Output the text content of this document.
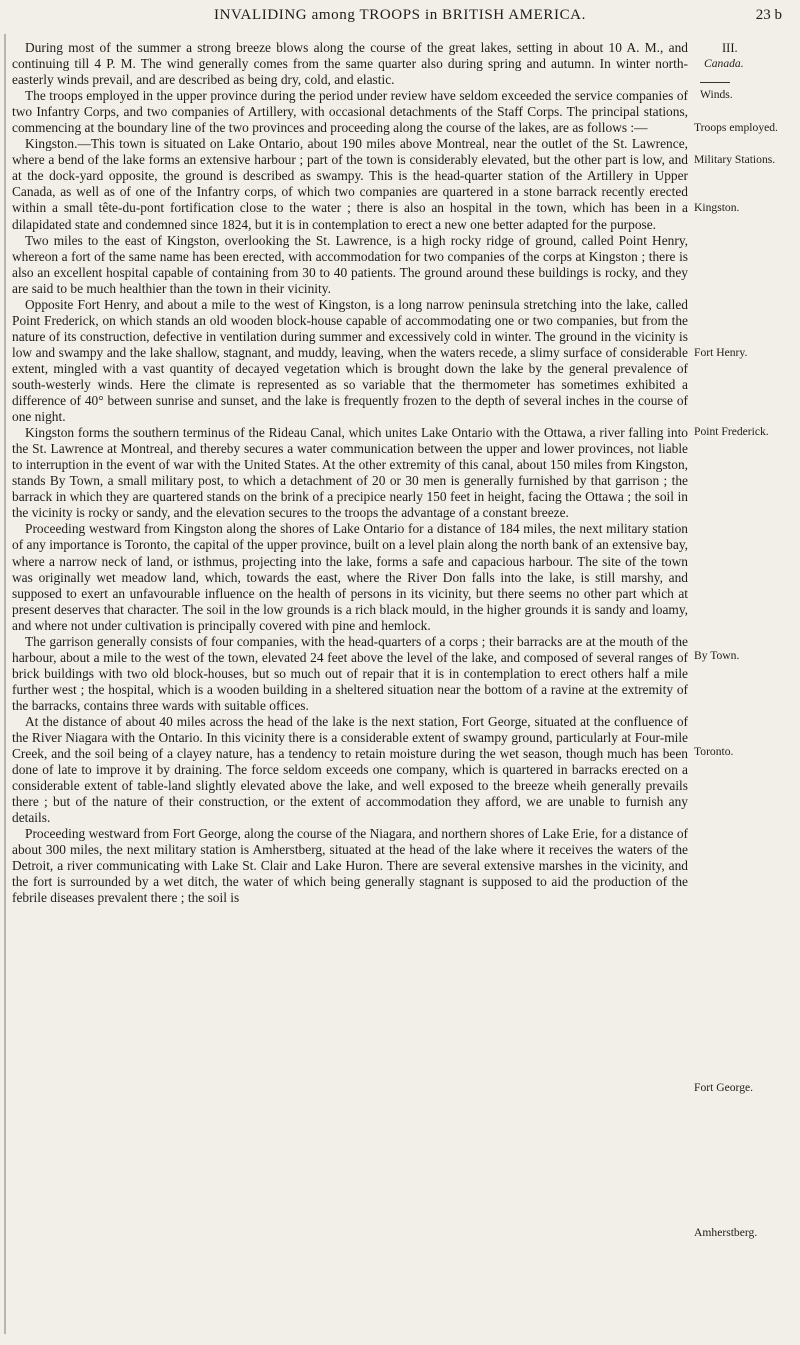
INVALIDING among TROOPS in BRITISH AMERICA.	23 b

During most of the summer a strong breeze blows along the course of the great lakes, setting in about 10 A. M., and continuing till 4 P. M. The wind generally comes from the same quarter also during spring and autumn. In winter north-easterly winds prevail, and are described as being dry, cold, and elastic.

The troops employed in the upper province during the period under review have seldom exceeded the service companies of two Infantry Corps, and two companies of Artillery, with occasional detachments of the Staff Corps. The principal stations, commencing at the boundary line of the two provinces and proceeding along the course of the lakes, are as follows :—

Kingston.—This town is situated on Lake Ontario, about 190 miles above Montreal, near the outlet of the St. Lawrence, where a bend of the lake forms an extensive harbour ; part of the town is considerably elevated, but the other part is low, and at the dock-yard opposite, the ground is described as swampy. This is the head-quarter station of the Artillery in Upper Canada, as well as of one of the Infantry corps, of which two companies are quartered in a stone barrack recently erected within a small tête-du-pont fortification close to the water ; there is also an hospital in the town, which has been in a dilapidated state and condemned since 1824, but it is in contemplation to erect a new one better adapted for the purpose.

Two miles to the east of Kingston, overlooking the St. Lawrence, is a high rocky ridge of ground, called Point Henry, whereon a fort of the same name has been erected, with accommodation for two companies of the corps at Kingston ; there is also an excellent hospital capable of containing from 30 to 40 patients. The ground around these buildings is rocky, and they are said to be much healthier than the town in their vicinity.

Opposite Fort Henry, and about a mile to the west of Kingston, is a long narrow peninsula stretching into the lake, called Point Frederick, on which stands an old wooden block-house capable of accommodating one or two companies, but from the nature of its construction, defective in ventilation during summer and excessively cold in winter. The ground in the vicinity is low and swampy and the lake shallow, stagnant, and muddy, leaving, when the waters recede, a slimy surface of considerable extent, mingled with a vast quantity of decayed vegetation which is brought down the lake by the general prevalence of south-westerly winds. Here the climate is represented as so variable that the thermometer has sometimes exhibited a difference of 40° between sunrise and sunset, and the lake is frequently frozen to the depth of several inches in the course of one night.

Kingston forms the southern terminus of the Rideau Canal, which unites Lake Ontario with the Ottawa, a river falling into the St. Lawrence at Montreal, and thereby secures a water communication between the upper and lower provinces, not liable to interruption in the event of war with the United States. At the other extremity of this canal, about 150 miles from Kingston, stands By Town, a small military post, to which a detachment of 20 or 30 men is generally furnished by that garrison ; the barrack in which they are quartered stands on the brink of a precipice nearly 150 feet in height, facing the Ottawa ; the soil in the vicinity is rocky or sandy, and the elevation secures to the troops the advantage of a constant breeze.

Proceeding westward from Kingston along the shores of Lake Ontario for a distance of 184 miles, the next military station of any importance is Toronto, the capital of the upper province, built on a level plain along the north bank of an extensive bay, where a narrow neck of land, or isthmus, projecting into the lake, forms a safe and capacious harbour. The site of the town was originally wet meadow land, which, towards the east, where the River Don falls into the lake, is still marshy, and supposed to exert an unfavourable influence on the health of persons in its vicinity, but there seems no other part which at present deserves that character. The soil in the low grounds is a rich black mould, in the higher grounds it is sandy and loamy, and where not under cultivation is principally covered with pine and hemlock.

The garrison generally consists of four companies, with the head-quarters of a corps ; their barracks are at the mouth of the harbour, about a mile to the west of the town, elevated 24 feet above the level of the lake, and composed of several ranges of brick buildings with two old block-houses, but so much out of repair that it is in contemplation to erect others half a mile further west ; the hospital, which is a wooden building in a sheltered situation near the bottom of a ravine at the extremity of the barracks, contains three wards with suitable offices.

At the distance of about 40 miles across the head of the lake is the next station, Fort George, situated at the confluence of the River Niagara with the Ontario. In this vicinity there is a considerable extent of swampy ground, particularly at Four-mile Creek, and the soil being of a clayey nature, has a tendency to retain moisture during the wet season, though much has been done of late to improve it by draining. The force seldom exceeds one company, which is quartered in barracks erected on a considerable extent of table-land slightly elevated above the lake, and well exposed to the breeze wheih generally prevails there ; but of the nature of their construction, or the extent of accommodation they afford, we are unable to furnish any details.

Proceeding westward from Fort George, along the course of the Niagara, and northern shores of Lake Erie, for a distance of about 300 miles, the next military station is Amherstberg, situated at the head of the lake where it receives the waters of the Detroit, a river communicating with Lake St. Clair and Lake Huron. There are several extensive marshes in the vicinity, and the fort is surrounded by a wet ditch, the water of which being generally stagnant is supposed to aid the production of the febrile diseases prevalent there ; the soil is

III.
Canada.
Winds.
Troops employed.
Military Stations.
Kingston.
Fort Henry.
Point Frederick.
By Town.
Toronto.
Fort George.
Amherstberg.
